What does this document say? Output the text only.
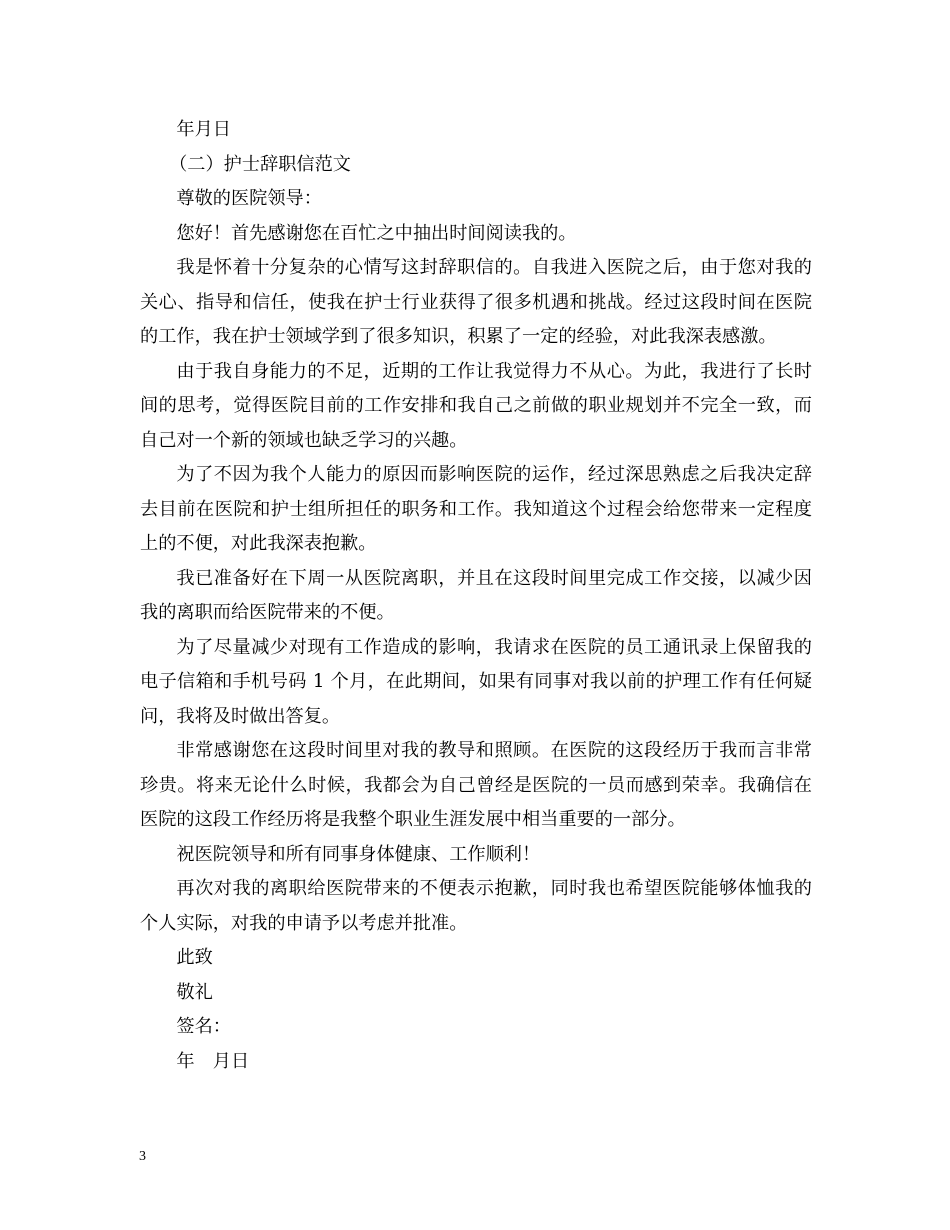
年月日

（二）护士辞职信范文

尊敬的医院领导：

您好！首先感谢您在百忙之中抽出时间阅读我的。

我是怀着十分复杂的心情写这封辞职信的。自我进入医院之后，由于您对我的关心、指导和信任，使我在护士行业获得了很多机遇和挑战。经过这段时间在医院的工作，我在护士领域学到了很多知识，积累了一定的经验，对此我深表感激。

由于我自身能力的不足，近期的工作让我觉得力不从心。为此，我进行了长时间的思考，觉得医院目前的工作安排和我自己之前做的职业规划并不完全一致，而自己对一个新的领域也缺乏学习的兴趣。

为了不因为我个人能力的原因而影响医院的运作，经过深思熟虑之后我决定辞去目前在医院和护士组所担任的职务和工作。我知道这个过程会给您带来一定程度上的不便，对此我深表抱歉。

我已准备好在下周一从医院离职，并且在这段时间里完成工作交接，以减少因我的离职而给医院带来的不便。

为了尽量减少对现有工作造成的影响，我请求在医院的员工通讯录上保留我的电子信箱和手机号码 1 个月，在此期间，如果有同事对我以前的护理工作有任何疑问，我将及时做出答复。

非常感谢您在这段时间里对我的教导和照顾。在医院的这段经历于我而言非常珍贵。将来无论什么时候，我都会为自己曾经是医院的一员而感到荣幸。我确信在医院的这段工作经历将是我整个职业生涯发展中相当重要的一部分。

祝医院领导和所有同事身体健康、工作顺利！

再次对我的离职给医院带来的不便表示抱歉，同时我也希望医院能够体恤我的个人实际，对我的申请予以考虑并批准。

此致

敬礼

签名：

年　月日

3
